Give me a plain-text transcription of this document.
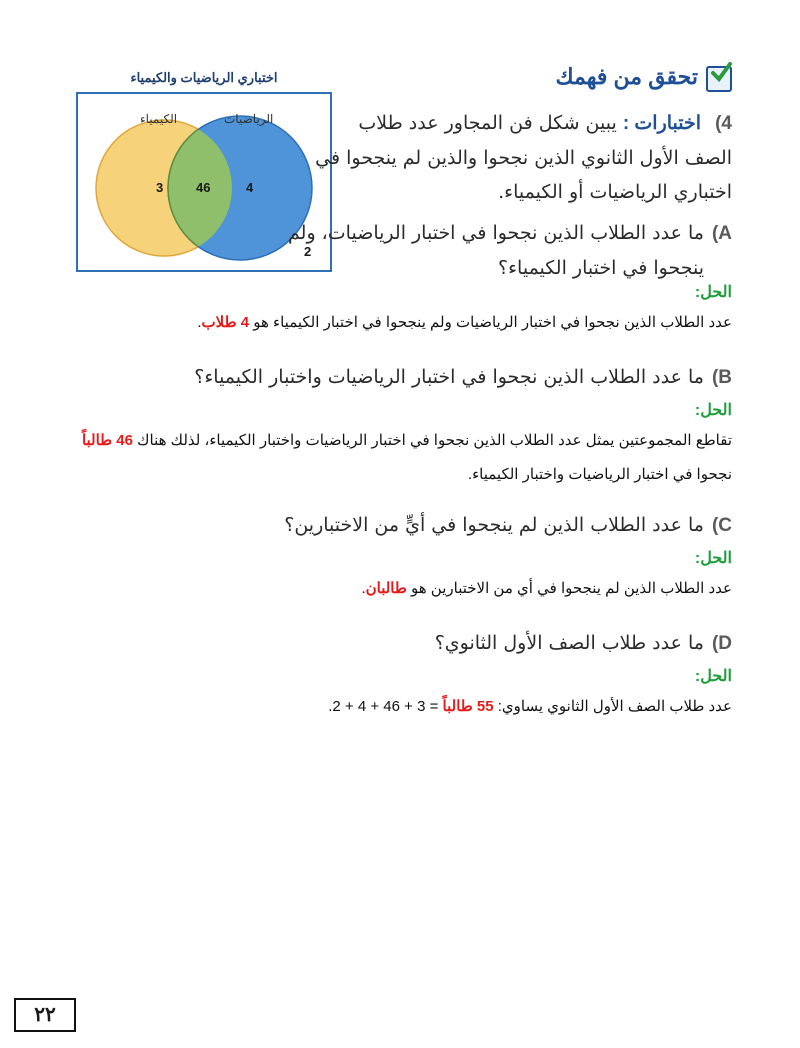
تحقق من فهمك
اختباري الرياضيات والكيمياء
الكيمياء	الرياضيات
3	46	4
2
4) اختبارات : يبين شكل فن المجاور عدد طلاب
الصف الأول الثانوي الذين نجحوا والذين لم ينجحوا في
اختباري الرياضيات أو الكيمياء.
A)ما عدد الطلاب الذين نجحوا في اختبار الرياضيات، ولم
ينجحوا في اختبار الكيمياء؟
الحل:
عدد الطلاب الذين نجحوا في اختبار الرياضيات ولم ينجحوا في اختبار الكيمياء هو 4 طلاب.
B)ما عدد الطلاب الذين نجحوا في اختبار الرياضيات واختبار الكيمياء؟
الحل:
تقاطع المجموعتين يمثل عدد الطلاب الذين نجحوا في اختبار الرياضيات واختبار الكيمياء، لذلك هناك 46 طالباً
نجحوا في اختبار الرياضيات واختبار الكيمياء.
C)ما عدد الطلاب الذين لم ينجحوا في أيٍّ من الاختبارين؟
الحل:
عدد الطلاب الذين لم ينجحوا في أي من الاختبارين هو طالبان.
D)ما عدد طلاب الصف الأول الثانوي؟
الحل:
عدد طلاب الصف الأول الثانوي يساوي: 2 + 4 + 46 + 3 = 55 طالباً.
٢٢
